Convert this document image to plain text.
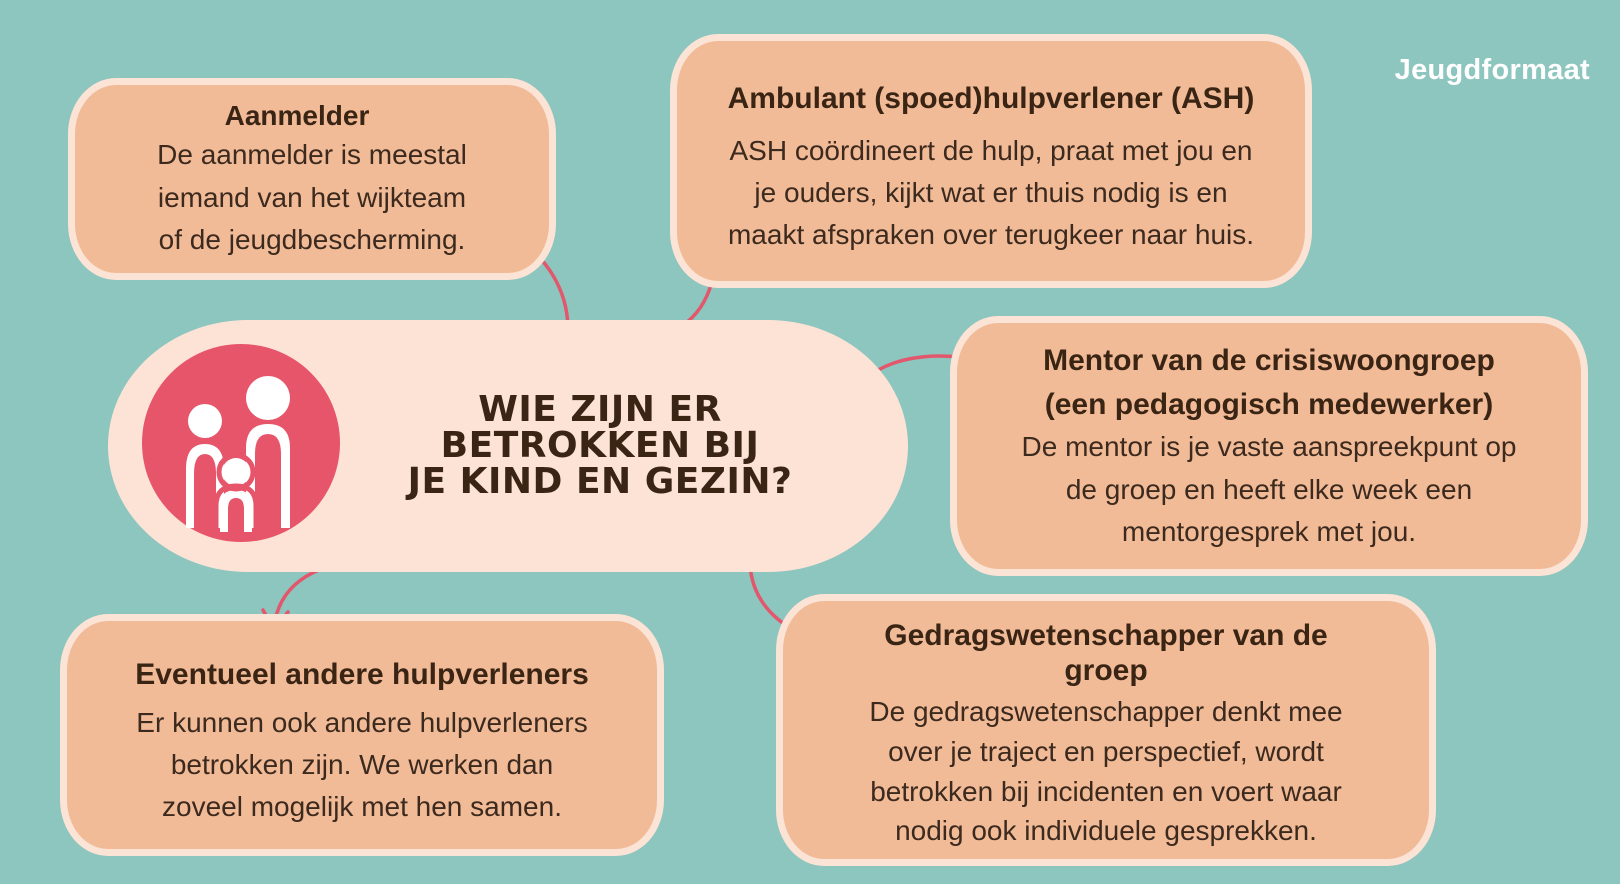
Jeugdformaat
WIE ZIJN ER
BETROKKEN BIJ
JE KIND EN GEZIN?
Aanmelder
De aanmelder is meestal
iemand van het wijkteam
of de jeugdbescherming.
Ambulant (spoed)hulpverlener (ASH)
ASH coördineert de hulp, praat met jou en
je ouders, kijkt wat er thuis nodig is en
maakt afspraken over terugkeer naar huis.
Mentor van de crisiswoongroep
(een pedagogisch medewerker)
De mentor is je vaste aanspreekpunt op
de groep en heeft elke week een
mentorgesprek met jou.
Eventueel andere hulpverleners
Er kunnen ook andere hulpverleners
betrokken zijn. We werken dan
zoveel mogelijk met hen samen.
Gedragswetenschapper van de
groep
De gedragswetenschapper denkt mee
over je traject en perspectief, wordt
betrokken bij incidenten en voert waar
nodig ook individuele gesprekken.
